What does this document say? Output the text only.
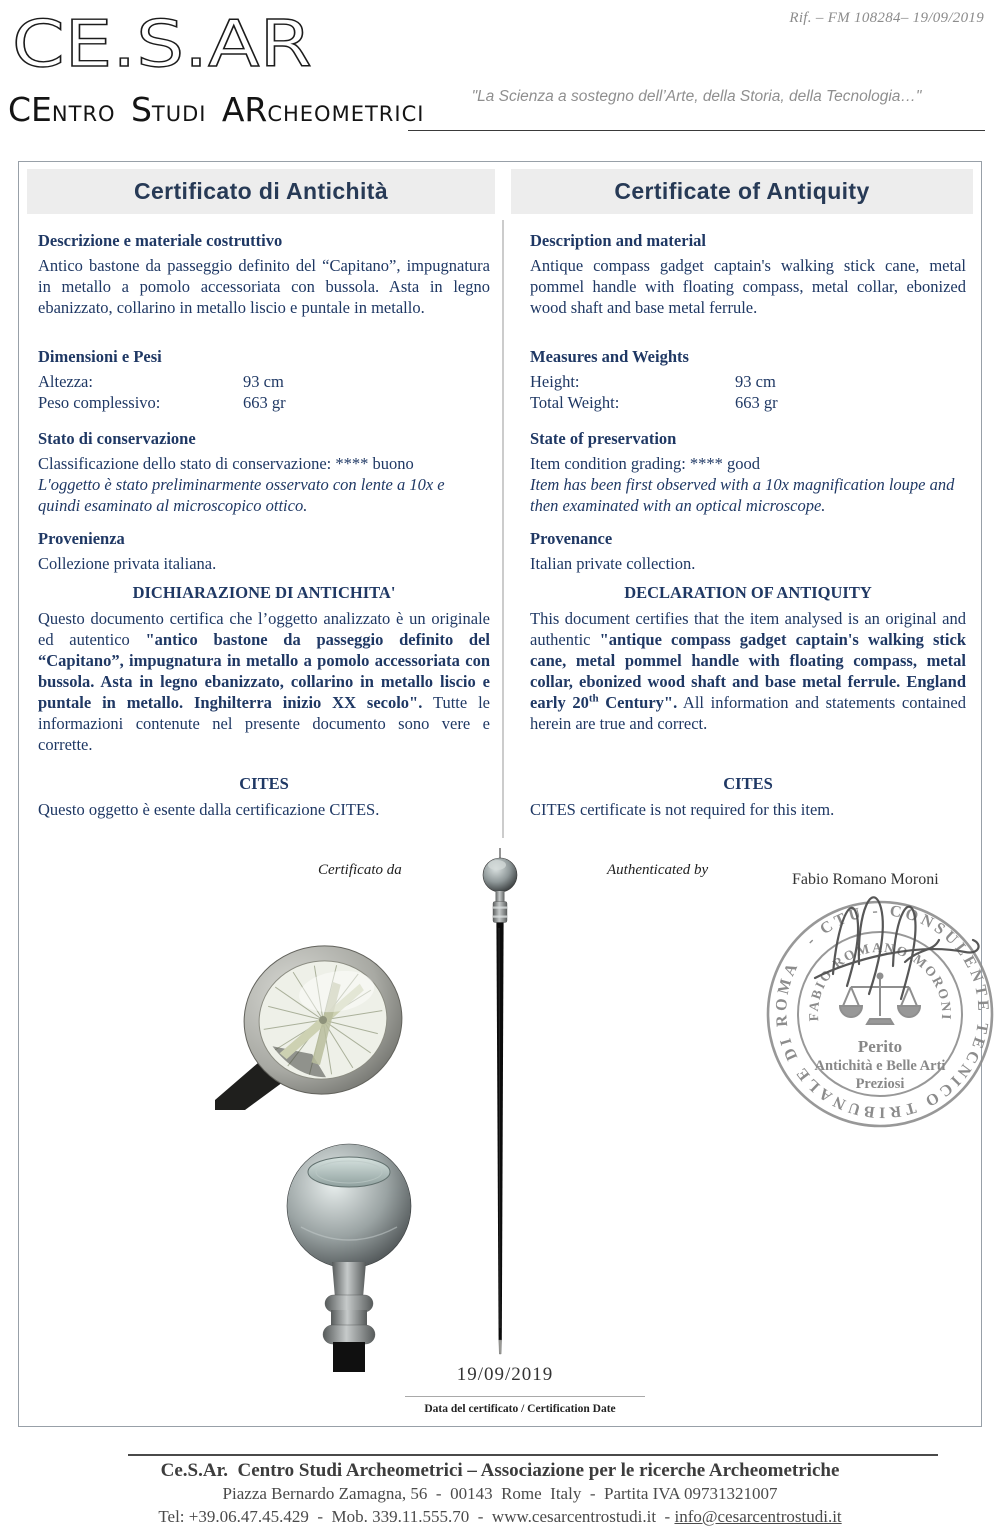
CE.S.AR
CENTRO STUDI ARCHEOMETRICI
Rif. – FM 108284– 19/09/2019
"La Scienza a sostegno dell’Arte, della Storia, della Tecnologia…"
Certificato di Antichità	Certificate of Antiquity
Descrizione e materiale costruttivo
Antico bastone da passeggio definito del “Capitano”, impugnatura in metallo a pomolo accessoriata con bussola. Asta in legno ebanizzato, collarino in metallo liscio e puntale in metallo.
Dimensioni e Pesi
Altezza:	93 cm
Peso complessivo:	663 gr
Stato di conservazione
Classificazione dello stato di conservazione: **** buono
L'oggetto è stato preliminarmente osservato con lente a 10x e quindi esaminato al microscopico ottico.
Provenienza
Collezione privata italiana.
DICHIARAZIONE DI ANTICHITA'
Questo documento certifica che l’oggetto analizzato è un originale ed autentico "antico bastone da passeggio definito del “Capitano”, impugnatura in metallo a pomolo accessoriata con bussola. Asta in legno ebanizzato, collarino in metallo liscio e puntale in metallo. Inghilterra inizio XX secolo". Tutte le informazioni contenute nel presente documento sono vere e corrette.
CITES
Questo oggetto è esente dalla certificazione CITES.
Description and material
Antique compass gadget captain's walking stick cane, metal pommel handle with floating compass, metal collar, ebonized wood shaft and base metal ferrule.
Measures and Weights
Height:	93 cm
Total Weight:	663 gr
State of preservation
Item condition grading: **** good
Item has been first observed with a 10x magnification loupe and then examinated with an optical microscope.
Provenance
Italian private collection.
DECLARATION OF ANTIQUITY
This document certifies that the item analysed is an original and authentic "antique compass gadget captain's walking stick cane, metal pommel handle with floating compass, metal collar, ebonized wood shaft and base metal ferrule. England early 20th Century". All information and statements contained herein are true and correct.
CITES
CITES certificate is not required for this item.
Certificato da	Authenticated by
Fabio Romano Moroni
- CTU - CONSULENTE TECNICO TRIBUNALE DI ROMA
FABIO ROMANO MORONI
Perito
Antichità e Belle Arti
Preziosi
19/09/2019
Data del certificato / Certification Date
Ce.S.Ar.  Centro Studi Archeometrici – Associazione per le ricerche Archeometriche
Piazza Bernardo Zamagna, 56  -  00143  Rome  Italy  -  Partita IVA 09731321007
Tel: +39.06.47.45.429  -  Mob. 339.11.555.70  -  www.cesarcentrostudi.it  - info@cesarcentrostudi.it
